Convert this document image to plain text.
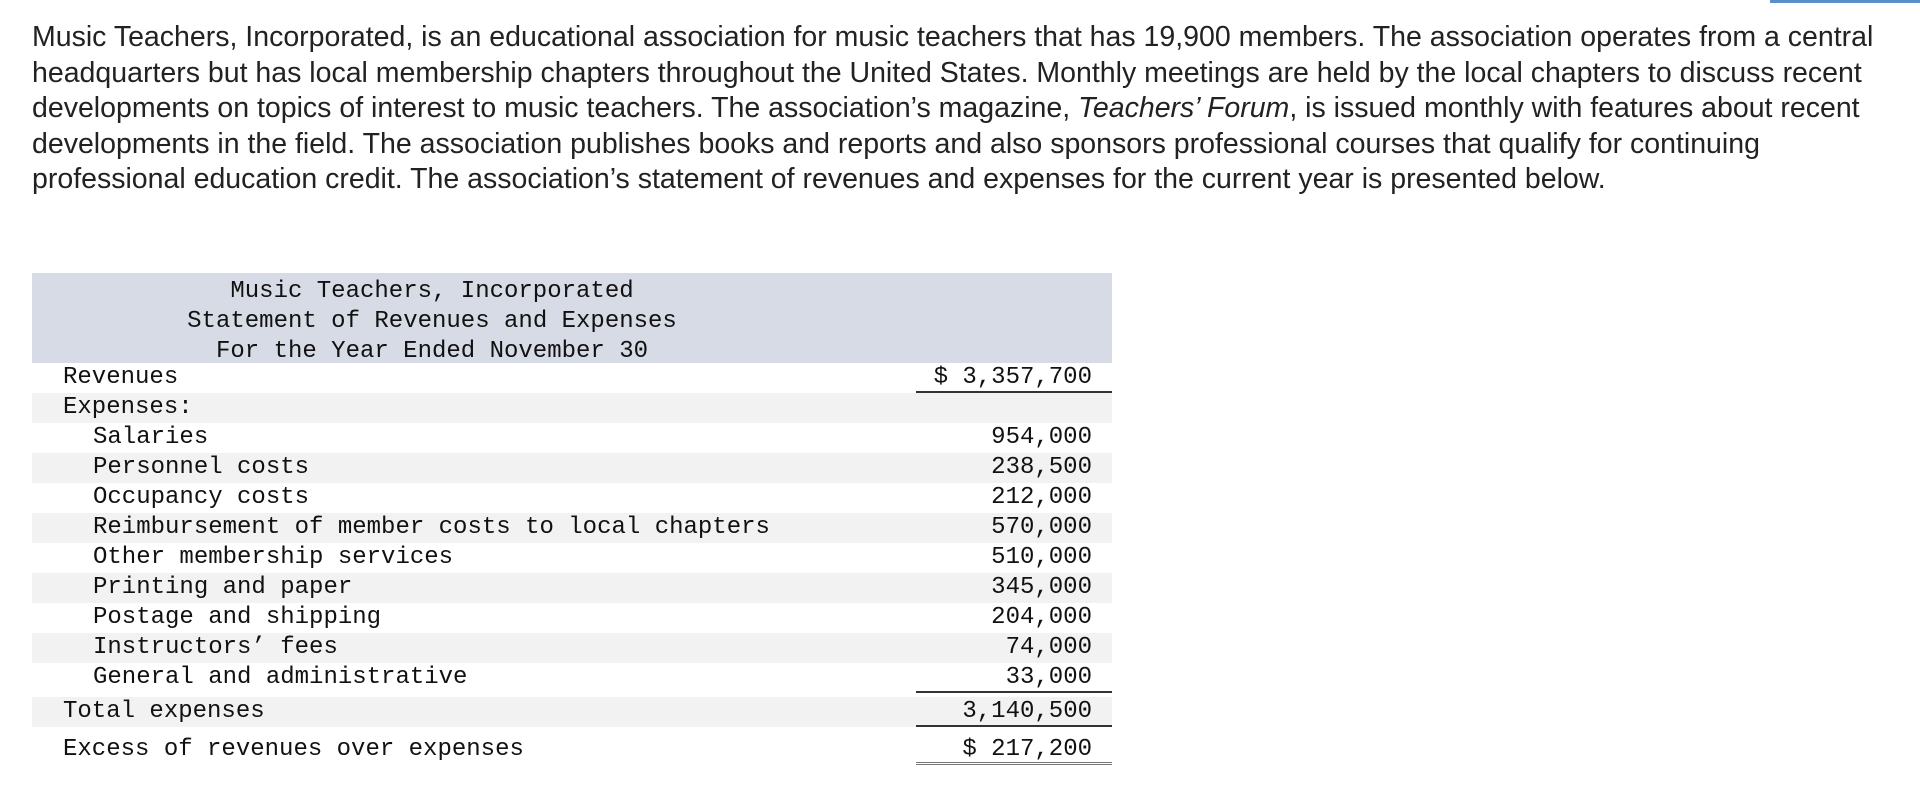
Music Teachers, Incorporated, is an educational association for music teachers that has 19,900 members. The association operates from a central headquarters but has local membership chapters throughout the United States. Monthly meetings are held by the local chapters to discuss recent developments on topics of interest to music teachers. The association’s magazine, Teachers’ Forum, is issued monthly with features about recent developments in the field. The association publishes books and reports and also sponsors professional courses that qualify for continuing professional education credit. The association’s statement of revenues and expenses for the current year is presented below.

Music Teachers, Incorporated
Statement of Revenues and Expenses
For the Year Ended November 30
Revenues	$ 3,357,700
Expenses:
Salaries	954,000
Personnel costs	238,500
Occupancy costs	212,000
Reimbursement of member costs to local chapters	570,000
Other membership services	510,000
Printing and paper	345,000
Postage and shipping	204,000
Instructors’ fees	74,000
General and administrative	33,000
Total expenses	3,140,500
Excess of revenues over expenses	$ 217,200
